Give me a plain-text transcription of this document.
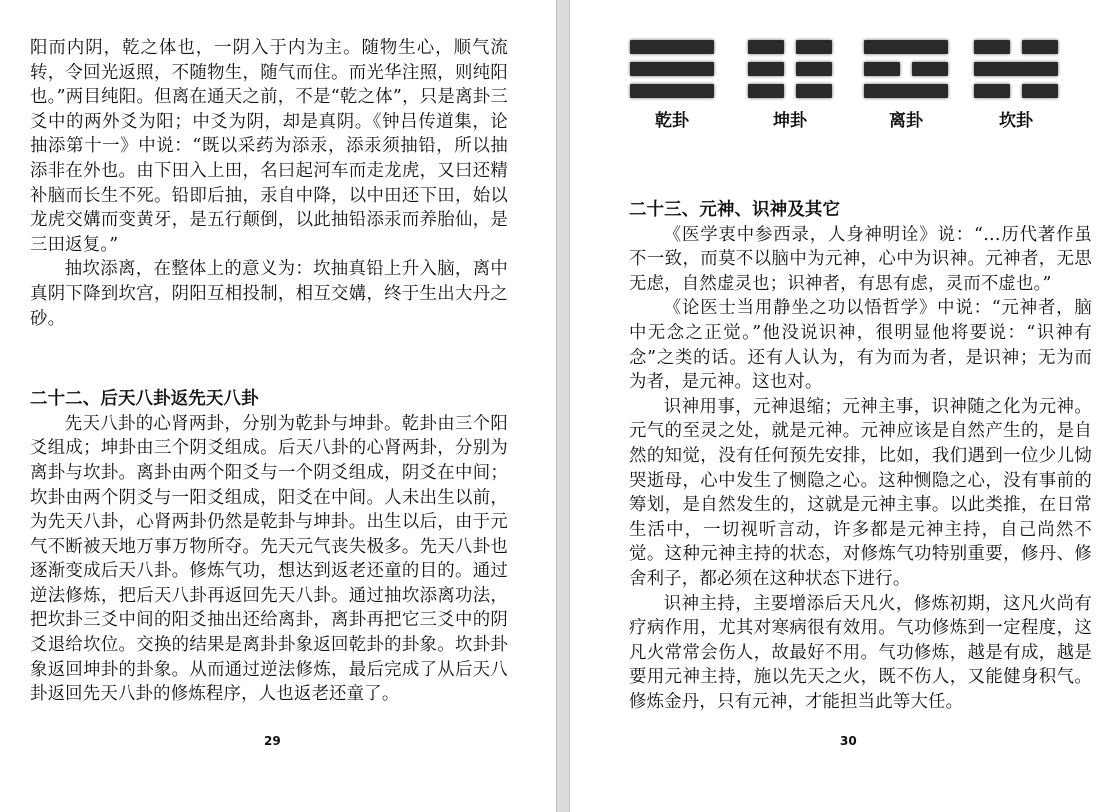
阳而内阴，乾之体也，一阴入于内为主。随物生心，顺气流转，令回光返照，不随物生，随气而住。而光华注照，则纯阳也。”两目纯阳。但离在通天之前，不是“乾之体”，只是离卦三爻中的两外爻为阳；中爻为阴，却是真阴。《钟吕传道集，论抽添第十一》中说：“既以采药为添汞，添汞须抽铅，所以抽添非在外也。由下田入上田，名曰起河车而走龙虎，又曰还精补脑而长生不死。铅即后抽，汞自中降，以中田还下田，始以龙虎交媾而变黄牙，是五行颠倒，以此抽铅添汞而养胎仙，是三田返复。”

抽坎添离，在整体上的意义为：坎抽真铅上升入脑，离中真阴下降到坎宫，阴阳互相投制，相互交媾，终于生出大丹之砂。

二十二、后天八卦返先天八卦

先天八卦的心肾两卦，分别为乾卦与坤卦。乾卦由三个阳爻组成；坤卦由三个阴爻组成。后天八卦的心肾两卦，分别为离卦与坎卦。离卦由两个阳爻与一个阴爻组成，阴爻在中间；坎卦由两个阴爻与一阳爻组成，阳爻在中间。人未出生以前，为先天八卦，心肾两卦仍然是乾卦与坤卦。出生以后，由于元气不断被天地万事万物所夺。先天元气丧失极多。先天八卦也逐渐变成后天八卦。修炼气功，想达到返老还童的目的。通过逆法修炼，把后天八卦再返回先天八卦。通过抽坎添离功法，把坎卦三爻中间的阳爻抽出还给离卦，离卦再把它三爻中的阴爻退给坎位。交换的结果是离卦卦象返回乾卦的卦象。坎卦卦象返回坤卦的卦象。从而通过逆法修炼，最后完成了从后天八卦返回先天八卦的修炼程序，人也返老还童了。

29
乾卦	坤卦	离卦	坎卦
二十三、元神、识神及其它

《医学衷中参西录，人身神明诠》说：“…历代著作虽不一致，而莫不以脑中为元神，心中为识神。元神者，无思无虑，自然虚灵也；识神者，有思有虑，灵而不虚也。”

《论医士当用静坐之功以悟哲学》中说：“元神者，脑中无念之正觉。”他没说识神，很明显他将要说：“识神有念”之类的话。还有人认为，有为而为者，是识神；无为而为者，是元神。这也对。

识神用事，元神退缩；元神主事，识神随之化为元神。元气的至灵之处，就是元神。元神应该是自然产生的，是自然的知觉，没有任何预先安排，比如，我们遇到一位少儿恸哭逝母，心中发生了恻隐之心。这种恻隐之心，没有事前的筹划，是自然发生的，这就是元神主事。以此类推，在日常生活中，一切视听言动，许多都是元神主持，自己尚然不觉。这种元神主持的状态，对修炼气功特别重要，修丹、修舍利子，都必须在这种状态下进行。

识神主持，主要增添后天凡火，修炼初期，这凡火尚有疗病作用，尤其对寒病很有效用。气功修炼到一定程度，这凡火常常会伤人，故最好不用。气功修炼，越是有成，越是要用元神主持，施以先天之火，既不伤人，又能健身积气。修炼金丹，只有元神，才能担当此等大任。

30
